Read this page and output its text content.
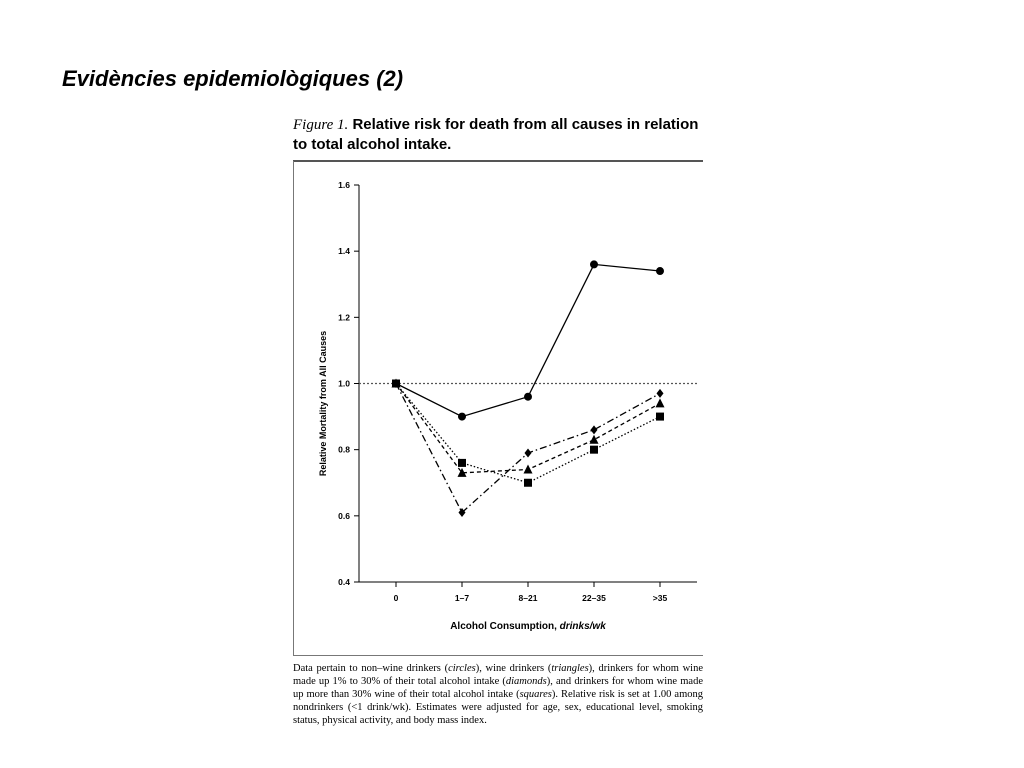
Evidències epidemiològiques (2)
Figure 1. Relative risk for death from all causes in relation to total alcohol intake.
0.4
0.6
0.8
1.0
1.2
1.4
1.6
0	1–7	8–21	22–35	>35
Alcohol Consumption, drinks/wk
Relative Mortality from All Causes
Data pertain to non–wine drinkers (circles), wine drinkers (triangles), drinkers for whom wine made up 1% to 30% of their total alcohol intake (diamonds), and drinkers for whom wine made up more than 30% wine of their total alcohol intake (squares). Relative risk is set at 1.00 among nondrinkers (<1 drink/wk). Estimates were adjusted for age, sex, educational level, smoking status, physical activity, and body mass index.
